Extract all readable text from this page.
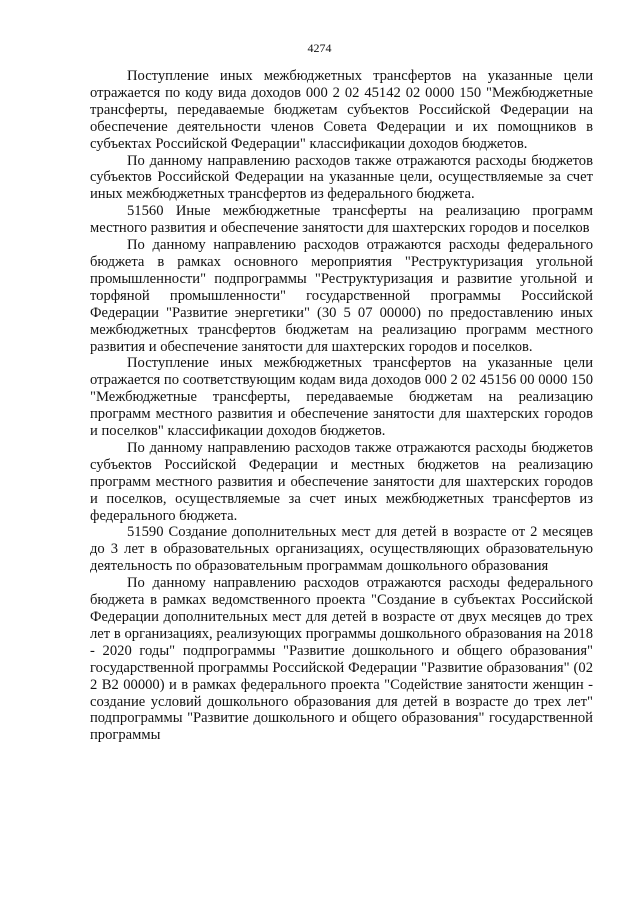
4274

Поступление иных межбюджетных трансфертов на указанные цели отражается по коду вида доходов 000 2 02 45142 02 0000 150 "Межбюджетные трансферты, передаваемые бюджетам субъектов Российской Федерации на обеспечение деятельности членов Совета Федерации и их помощников в субъектах Российской Федерации" классификации доходов бюджетов.

По данному направлению расходов также отражаются расходы бюджетов субъектов Российской Федерации на указанные цели, осуществляемые за счет иных межбюджетных трансфертов из федерального бюджета.

51560 Иные межбюджетные трансферты на реализацию программ местного развития и обеспечение занятости для шахтерских городов и поселков

По данному направлению расходов отражаются расходы федерального бюджета в рамках основного мероприятия "Реструктуризация угольной промышленности" подпрограммы "Реструктуризация и развитие угольной и торфяной промышленности" государственной программы Российской Федерации "Развитие энергетики" (30 5 07 00000) по предоставлению иных межбюджетных трансфертов бюджетам на реализацию программ местного развития и обеспечение занятости для шахтерских городов и поселков.

Поступление иных межбюджетных трансфертов на указанные цели отражается по соответствующим кодам вида доходов 000 2 02 45156 00 0000 150 "Межбюджетные трансферты, передаваемые бюджетам на реализацию программ местного развития и обеспечение занятости для шахтерских городов и поселков" классификации доходов бюджетов.

По данному направлению расходов также отражаются расходы бюджетов субъектов Российской Федерации и местных бюджетов на реализацию программ местного развития и обеспечение занятости для шахтерских городов и поселков, осуществляемые за счет иных межбюджетных трансфертов из федерального бюджета.

51590 Создание дополнительных мест для детей в возрасте от 2 месяцев до 3 лет в образовательных организациях, осуществляющих образовательную деятельность по образовательным программам дошкольного образования

По данному направлению расходов отражаются расходы федерального бюджета в рамках ведомственного проекта "Создание в субъектах Российской Федерации дополнительных мест для детей в возрасте от двух месяцев до трех лет в организациях, реализующих программы дошкольного образования на 2018 - 2020 годы" подпрограммы "Развитие дошкольного и общего образования" государственной программы Российской Федерации "Развитие образования" (02 2 В2 00000) и в рамках федерального проекта "Содействие занятости женщин - создание условий дошкольного образования для детей в возрасте до трех лет" подпрограммы "Развитие дошкольного и общего образования" государственной программы
